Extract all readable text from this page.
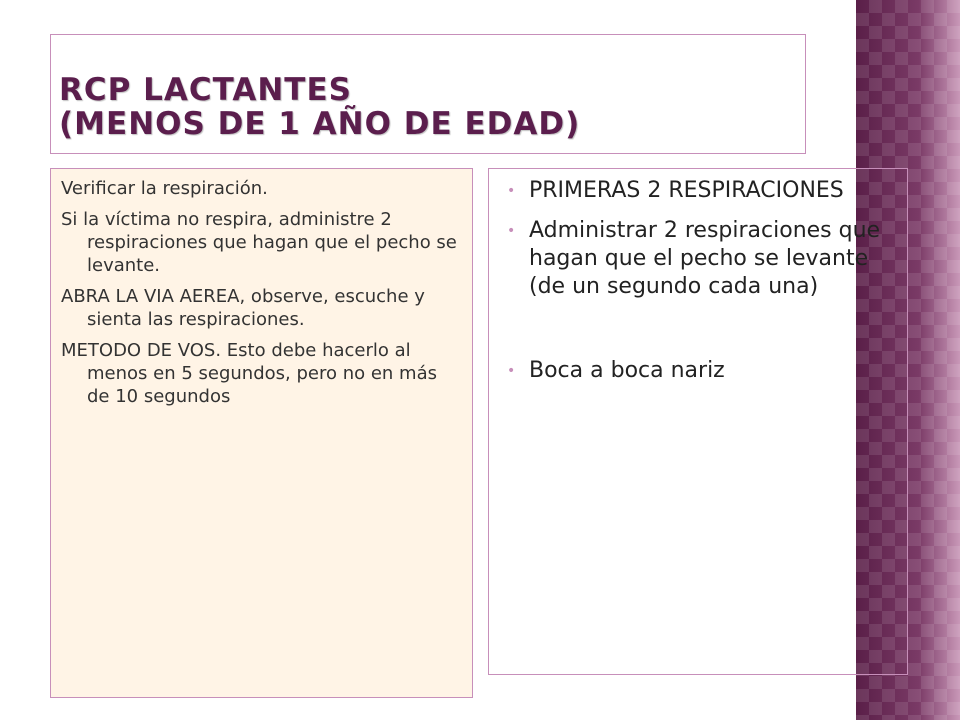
RCP LACTANTES
(MENOS DE 1 AÑO DE EDAD)

Verificar la respiración.

Si la víctima no respira, administre 2 respiraciones que hagan que el pecho se levante.

ABRA LA VIA AEREA, observe, escuche y sienta las respiraciones.

METODO DE VOS. Esto debe hacerlo al menos en 5 segundos, pero no en más de 10 segundos

• PRIMERAS 2 RESPIRACIONES
• Administrar 2 respiraciones que hagan que el pecho se levante (de un segundo cada una)
• Boca a boca nariz
